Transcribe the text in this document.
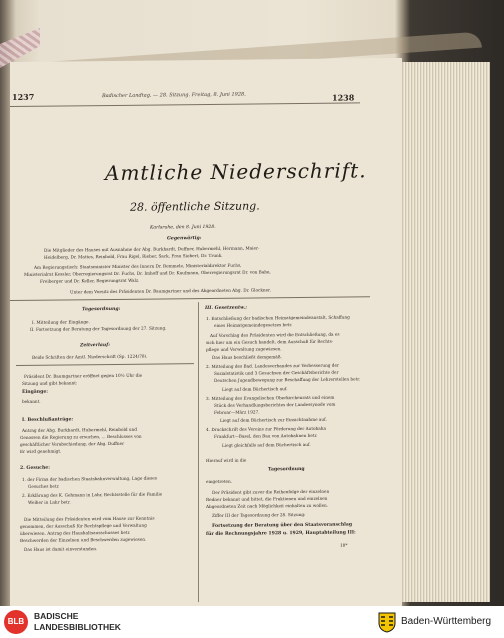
1237	Badischer Landtag. — 28. Sitzung. Freitag, 8. Juni 1928.	1238
Amtliche Niederschrift.
28. öffentliche Sitzung.
Karlsruhe, den 8. Juni 1928.
Gegenwärtig:
Die Mitglieder des Hauses mit Ausnahme der Abg. Burkhardt, Duffner, Hubermehl, Hermann, Maier-
Heidelberg, Dr. Mattes, Reinbold, Frau Rigel, Rieber, Sack, Frau Siebert, Dr. Trunk.
Am Regierungstisch: Staatsminister Minister des Innern Dr. Remmele, Ministerialdirektor Fuchs,
Ministerialrat Kessler, Oberregierungsrat Dr. Fuchs, Dr. Imhoff und Dr. Kaufmann, Oberregierungsrat Dr. von Babo,
Freiberger und Dr. Keller, Regierungsrat Walz.
Unter dem Vorsitz des Präsidenten Dr. Baumgartner und des Abgeordneten Abg. Dr. Glockner.
Tagesordnung:
I. Mitteilung der Eingänge.
II. Fortsetzung der Beratung der Tagesordnung der 27. Sitzung.
Zeitverlauf:
Beide Schriften der Amtl. Niederschrift (Sp. 1224/78).
Präsident Dr. Baumgartner eröffnet gegen 10½ Uhr die
Sitzung und gibt bekannt:
Eingänge:
bekannt.
I. Beschlußanträge:
Antrag der Abg. Burkhardt, Hubermehl, Reinbold und
Genossen die Regierung zu ersuchen, ... Beschlusses von
geschäftlicher Verabschiedung, der Abg. Duffner
Er wird genehmigt.
2. Gesuche:
1. der Firma der badischen Staatsbahnverwaltung, Lage dieses
Gesuches betr.
2. Erklärung des K. Gehmann in Lahr, Rechtsstelle für die Familie
Weiher in Lahr betr.
Die Mitteilung des Präsidenten wird vom Hause zur Kenntnis
genommen, der Ausschuß für Rechtspflege und Verwaltung
überwiesen. Antrag des Haushaltsausschusses betr.
Beschwerden der Einzelnen und Beschwerden zugewiesen.
Das Haus ist damit einverstanden.
III. Gesetzentw.:
1. Entschließung der badischen Heimatgemeindeanstalt, Schaffung
eines Heimatgemeindegesetzes betr.
Auf Vorschlag des Präsidenten wird die Entschließung, da es
sich hier um ein Gesuch handelt, dem Ausschuß für Rechts-
pflege und Verwaltung zugewiesen.
Das Haus beschließt demgemäß.
2. Mitteilung des Bad. Landesverbandes zur Verbesserung der
Sozialstatistik und 3 Gesuchsen der Geschäftsberichte der
Deutschen Jugendbewegung zur Beschaffung der Lehrerstellen betr.
Liegt auf dem Büchertisch auf.
3. Mitteilung des Evangelischen Oberkirchenrats und einem
Stück des Verhandlungsberichtes der Landessynode vom
Februar—März 1927.
Liegt auf dem Büchertisch zur Einsichtnahme auf.
4. Druckschrift des Vereins zur Förderung der Autobahn
Frankfurt—Basel, den Bau von Autobahnen betr.
Liegt gleichfalls auf dem Büchertisch auf.
Hierauf wird in die
Tagesordnung
eingetreten.
Der Präsident gibt zuvor die Reihenfolge der einzelnen
Redner bekannt und bittet, die Fraktionen und einzelnen
Abgeordneten Zeit nach Möglichkeit einhalten zu wollen.
Ziffer III der Tagesordnung der 28. Sitzung:
Fortsetzung der Beratung über den Staatsvoranschlag
für die Rechnungsjahre 1928 u. 1929, Hauptabteilung III:
18*
BLB
BADISCHE
LANDESBIBLIOTHEK	Baden-Württemberg
